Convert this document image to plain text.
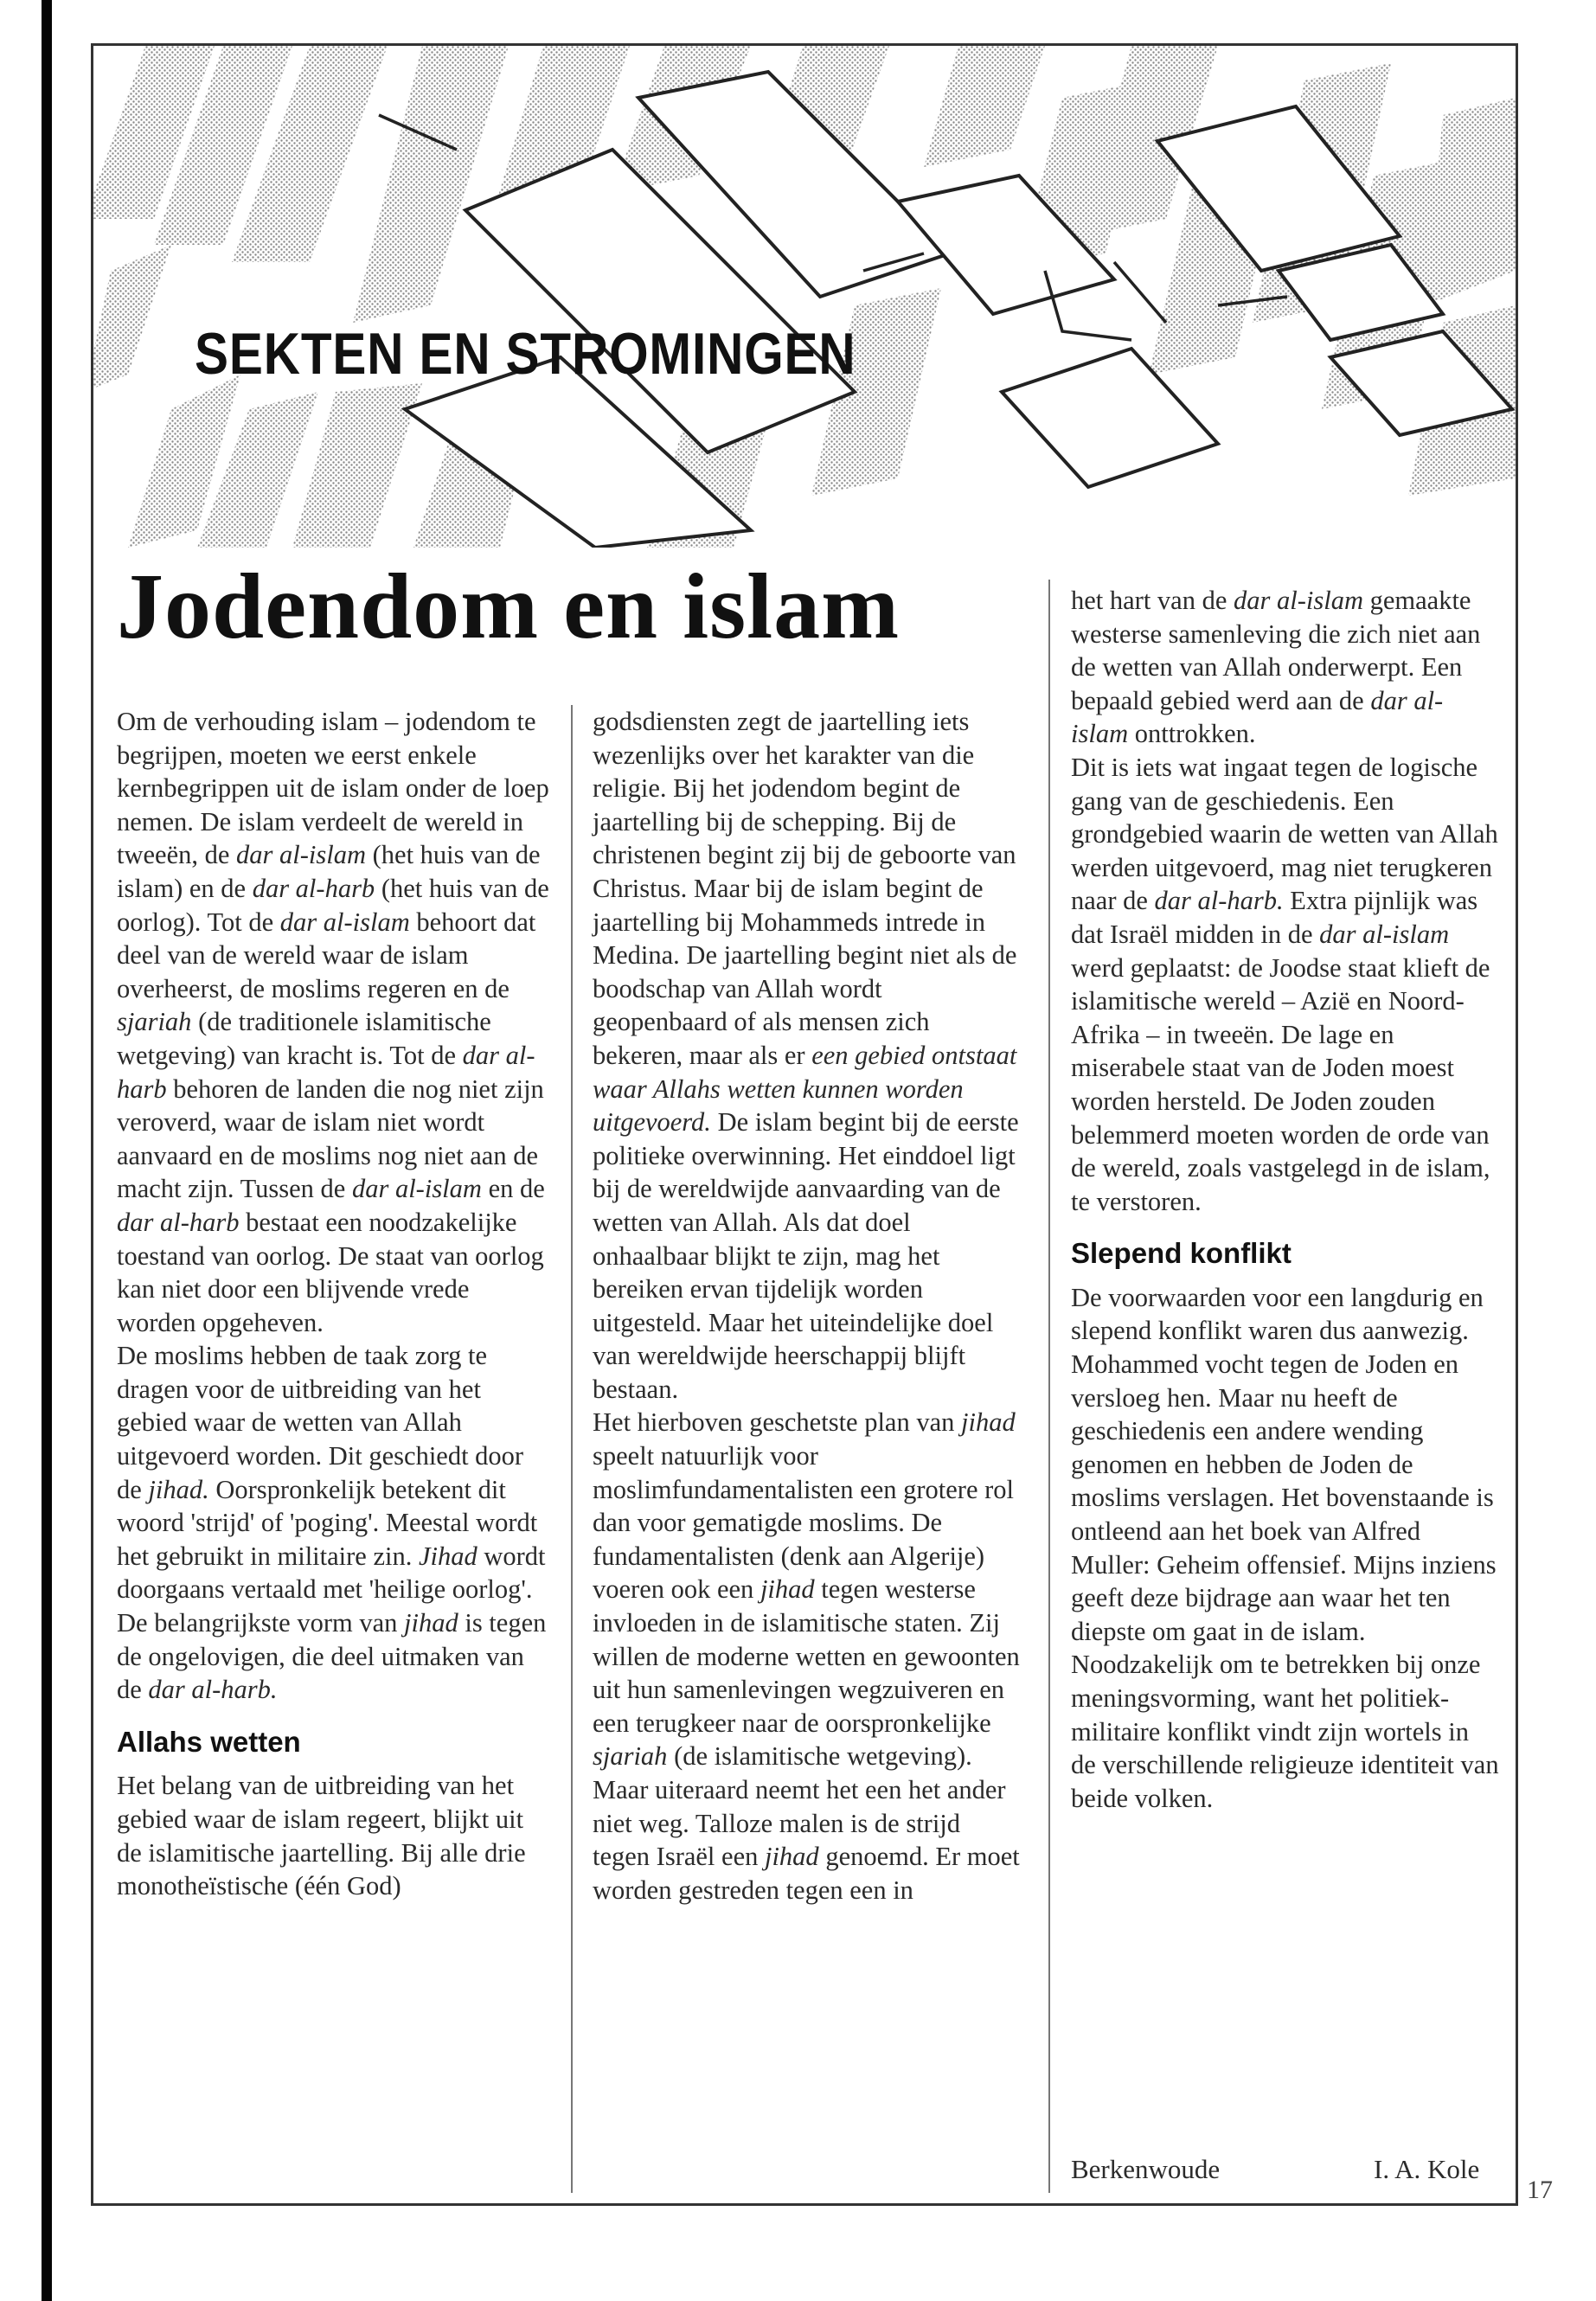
SEKTEN EN STROMINGEN
Jodendom en islam

Om de verhouding islam – jodendom te begrijpen, moeten we eerst enkele kernbegrippen uit de islam onder de loep nemen. De islam verdeelt de wereld in tweeën, de dar al-islam (het huis van de islam) en de dar al-harb (het huis van de oorlog). Tot de dar al-islam behoort dat deel van de wereld waar de islam overheerst, de moslims regeren en de sjariah (de traditionele islamitische wetgeving) van kracht is. Tot de dar al-harb behoren de landen die nog niet zijn veroverd, waar de islam niet wordt aanvaard en de moslims nog niet aan de macht zijn. Tussen de dar al-islam en de dar al-harb bestaat een noodzakelijke toestand van oorlog. De staat van oorlog kan niet door een blijvende vrede worden opgeheven.

De moslims hebben de taak zorg te dragen voor de uitbreiding van het gebied waar de wetten van Allah uitgevoerd worden. Dit geschiedt door de jihad. Oorspronkelijk betekent dit woord 'strijd' of 'poging'. Meestal wordt het gebruikt in militaire zin. Jihad wordt doorgaans vertaald met 'heilige oorlog'. De belangrijkste vorm van jihad is tegen de ongelovigen, die deel uitmaken van de dar al-harb.

Allahs wetten

Het belang van de uitbreiding van het gebied waar de islam regeert, blijkt uit de islamitische jaartelling. Bij alle drie monotheïstische (één God)

godsdiensten zegt de jaartelling iets wezenlijks over het karakter van die religie. Bij het jodendom begint de jaartelling bij de schepping. Bij de christenen begint zij bij de geboorte van Christus. Maar bij de islam begint de jaartelling bij Mohammeds intrede in Medina. De jaartelling begint niet als de boodschap van Allah wordt geopenbaard of als mensen zich bekeren, maar als er een gebied ontstaat waar Allahs wetten kunnen worden uitgevoerd. De islam begint bij de eerste politieke overwinning. Het einddoel ligt bij de wereldwijde aanvaarding van de wetten van Allah. Als dat doel onhaalbaar blijkt te zijn, mag het bereiken ervan tijdelijk worden uitgesteld. Maar het uiteindelijke doel van wereldwijde heerschappij blijft bestaan.

Het hierboven geschetste plan van jihad speelt natuurlijk voor moslimfundamentalisten een grotere rol dan voor gematigde moslims. De fundamentalisten (denk aan Algerije) voeren ook een jihad tegen westerse invloeden in de islamitische staten. Zij willen de moderne wetten en gewoonten uit hun samenlevingen wegzuiveren en een terugkeer naar de oorspronkelijke sjariah (de islamitische wetgeving).

Maar uiteraard neemt het een het ander niet weg. Talloze malen is de strijd tegen Israël een jihad genoemd. Er moet worden gestreden tegen een in

het hart van de dar al-islam gemaakte westerse samenleving die zich niet aan de wetten van Allah onderwerpt. Een bepaald gebied werd aan de dar al-islam onttrokken.

Dit is iets wat ingaat tegen de logische gang van de geschiedenis. Een grondgebied waarin de wetten van Allah werden uitgevoerd, mag niet terugkeren naar de dar al-harb. Extra pijnlijk was dat Israël midden in de dar al-islam werd geplaatst: de Joodse staat klieft de islamitische wereld – Azië en Noord-Afrika – in tweeën. De lage en miserabele staat van de Joden moest worden hersteld. De Joden zouden belemmerd moeten worden de orde van de wereld, zoals vastgelegd in de islam, te verstoren.

Slepend konflikt

De voorwaarden voor een langdurig en slepend konflikt waren dus aanwezig. Mohammed vocht tegen de Joden en versloeg hen. Maar nu heeft de geschiedenis een andere wending genomen en hebben de Joden de moslims verslagen. Het bovenstaande is ontleend aan het boek van Alfred Muller: Geheim offensief. Mijns inziens geeft deze bijdrage aan waar het ten diepste om gaat in de islam. Noodzakelijk om te betrekken bij onze meningsvorming, want het politiek-militaire konflikt vindt zijn wortels in de verschillende religieuze identiteit van beide volken.

Berkenwoude	I. A. Kole
17
